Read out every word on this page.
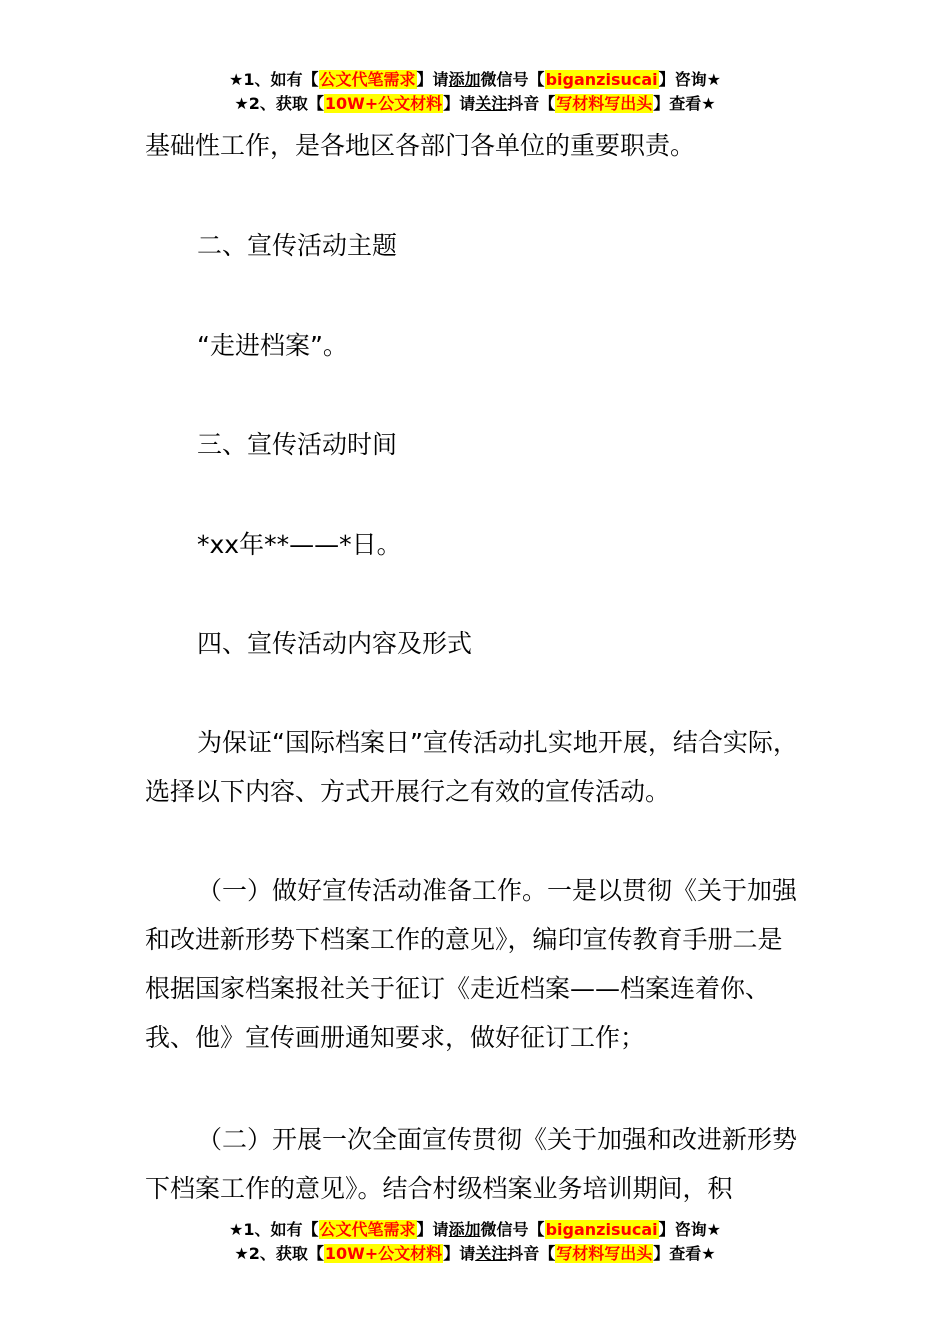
★1、如有【公文代笔需求】请添加微信号【biganzisucai】咨询★
★2、获取【10W+公文材料】请关注抖音【写材料写出头】查看★

基础性工作，是各地区各部门各单位的重要职责。

二、宣传活动主题

“走进档案”。

三、宣传活动时间

*xx年**——*日。

四、宣传活动内容及形式

为保证“国际档案日”宣传活动扎实地开展，结合实际，选择以下内容、方式开展行之有效的宣传活动。

（一）做好宣传活动准备工作。一是以贯彻《关于加强和改进新形势下档案工作的意见》，编印宣传教育手册二是根据国家档案报社关于征订《走近档案——档案连着你、我、他》宣传画册通知要求，做好征订工作；

（二）开展一次全面宣传贯彻《关于加强和改进新形势下档案工作的意见》。结合村级档案业务培训期间，积

★1、如有【公文代笔需求】请添加微信号【biganzisucai】咨询★
★2、获取【10W+公文材料】请关注抖音【写材料写出头】查看★
